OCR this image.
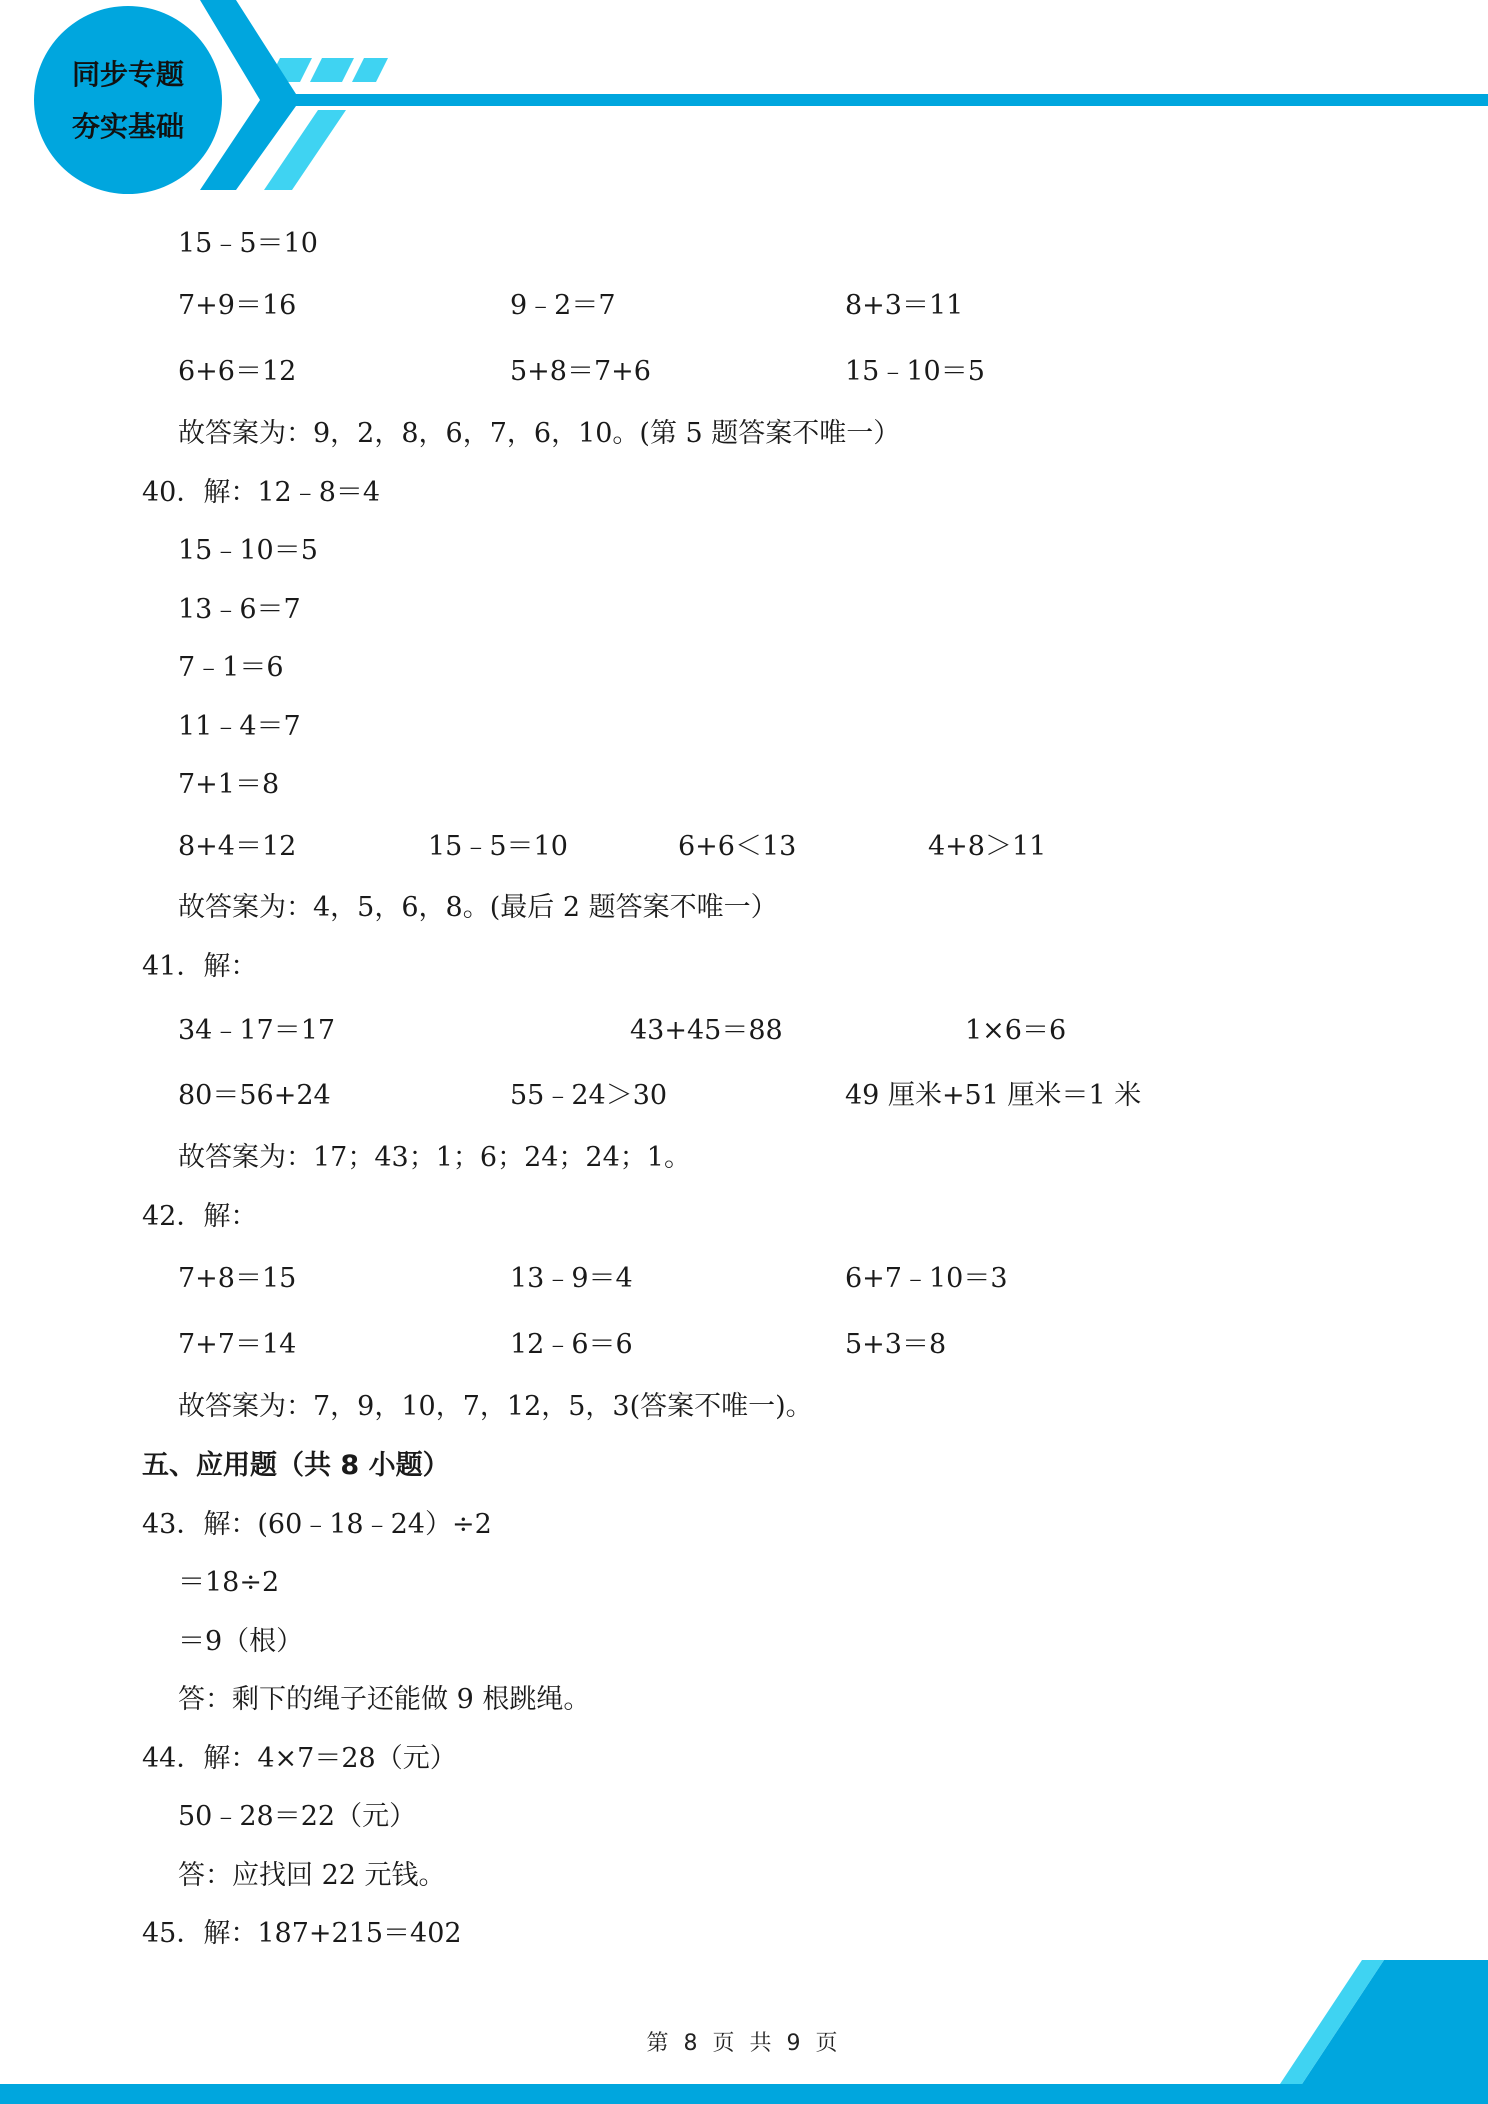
同步专题
夯实基础
15﹣5＝10
7+9＝16	9﹣2＝7	8+3＝11
6+6＝12	5+8＝7+6	15﹣10＝5
故答案为：9，2，8，6，7，6，10。(第 5 题答案不唯一）
40．解：12﹣8＝4
15﹣10＝5
13﹣6＝7
7﹣1＝6
11﹣4＝7
7+1＝8
8+4＝12	15﹣5＝10	6+6＜13	4+8＞11
故答案为：4，5，6，8。(最后 2 题答案不唯一）
41．解：
34﹣17＝17	43+45＝88	1×6＝6
80＝56+24	55﹣24＞30	49 厘米+51 厘米＝1 米
故答案为：17；43；1；6；24；24；1。
42．解：
7+8＝15	13﹣9＝4	6+7﹣10＝3
7+7＝14	12﹣6＝6	5+3＝8
故答案为：7，9，10，7，12，5，3(答案不唯一)。
五、应用题（共 8 小题）
43．解：(60﹣18﹣24）÷2
＝18÷2
＝9（根）
答：剩下的绳子还能做 9 根跳绳。
44．解：4×7＝28（元）
50﹣28＝22（元）
答：应找回 22 元钱。
45．解：187+215＝402
第 8 页 共 9 页
